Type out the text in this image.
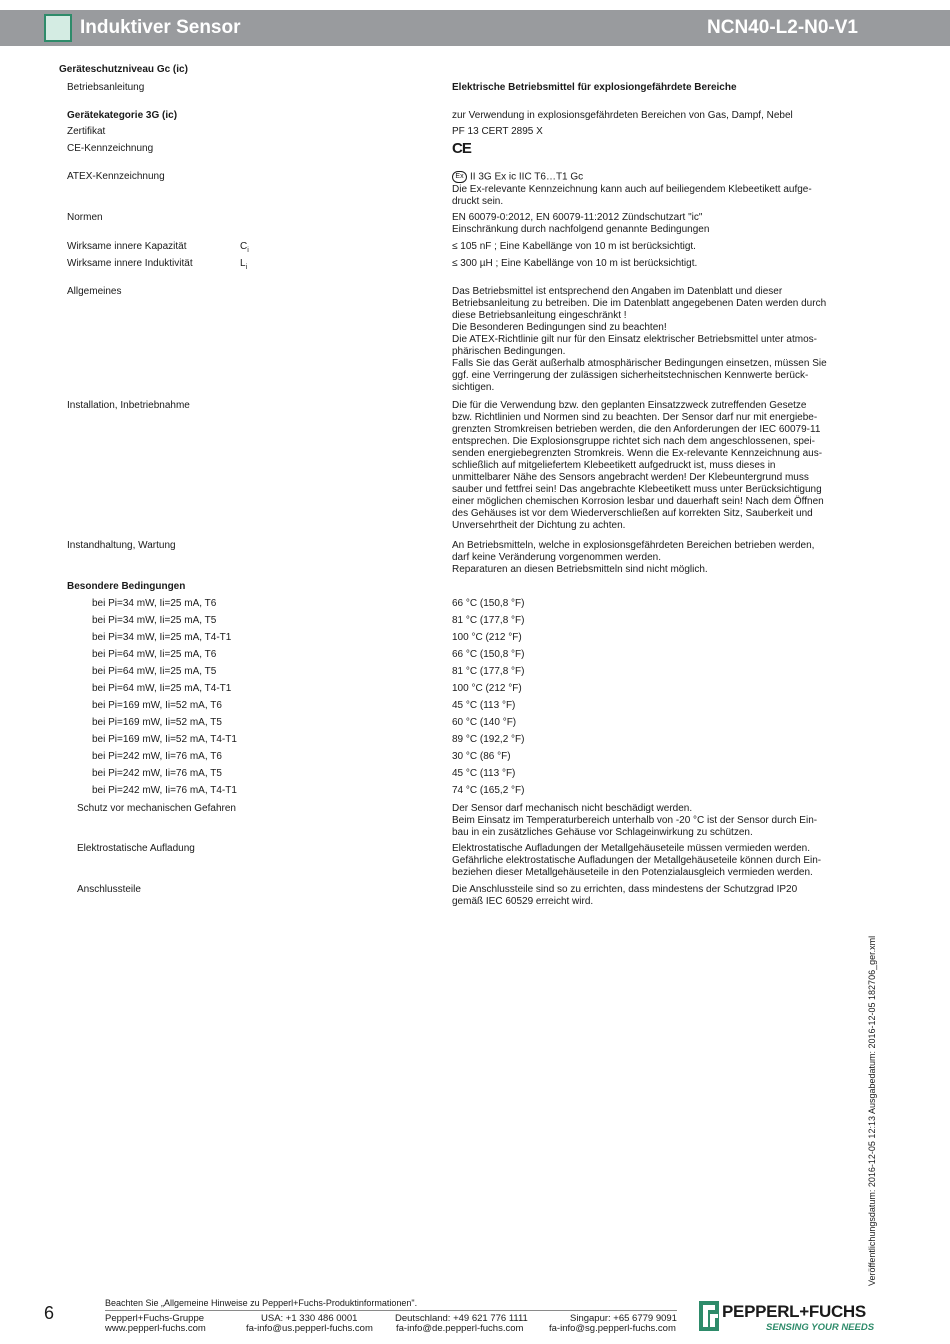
Induktiver Sensor	NCN40-L2-N0-V1
Geräteschutzniveau Gc (ic)
Betriebsanleitung	Elektrische Betriebsmittel für explosiongefährdete Bereiche
Gerätekategorie 3G (ic)	zur Verwendung in explosionsgefährdeten Bereichen von Gas, Dampf, Nebel
Zertifikat	PF 13 CERT 2895 X
CE-Kennzeichnung	CE
ATEX-Kennzeichnung	Ex II 3G Ex ic IIC T6…T1 Gc
Die Ex-relevante Kennzeichnung kann auch auf beiliegendem Klebeetikett aufge-
druckt sein.
Normen	EN 60079-0:2012, EN 60079-11:2012 Zündschutzart "ic"
Einschränkung durch nachfolgend genannte Bedingungen
Wirksame innere Kapazität	$C_i$	≤ 105 nF ; Eine Kabellänge von 10 m ist berücksichtigt.
Wirksame innere Induktivität	$L_i$	≤ 300 µH ; Eine Kabellänge von 10 m ist berücksichtigt.
Allgemeines	Das Betriebsmittel ist entsprechend den Angaben im Datenblatt und dieser
Betriebsanleitung zu betreiben. Die im Datenblatt angegebenen Daten werden durch
diese Betriebsanleitung eingeschränkt !
Die Besonderen Bedingungen sind zu beachten!
Die ATEX-Richtlinie gilt nur für den Einsatz elektrischer Betriebsmittel unter atmos-
phärischen Bedingungen.
Falls Sie das Gerät außerhalb atmosphärischer Bedingungen einsetzen, müssen Sie
ggf. eine Verringerung der zulässigen sicherheitstechnischen Kennwerte berück-
sichtigen.
Installation, Inbetriebnahme	Die für die Verwendung bzw. den geplanten Einsatzzweck zutreffenden Gesetze
bzw. Richtlinien und Normen sind zu beachten. Der Sensor darf nur mit energiebe-
grenzten Stromkreisen betrieben werden, die den Anforderungen der IEC 60079-11
entsprechen. Die Explosionsgruppe richtet sich nach dem angeschlossenen, spei-
senden energiebegrenzten Stromkreis. Wenn die Ex-relevante Kennzeichnung aus-
schließlich auf mitgeliefertem Klebeetikett aufgedruckt ist, muss dieses in
unmittelbarer Nähe des Sensors angebracht werden! Der Klebeuntergrund muss
sauber und fettfrei sein! Das angebrachte Klebeetikett muss unter Berücksichtigung
einer möglichen chemischen Korrosion lesbar und dauerhaft sein! Nach dem Öffnen
des Gehäuses ist vor dem Wiederverschließen auf korrekten Sitz, Sauberkeit und
Unversehrtheit der Dichtung zu achten.
Instandhaltung, Wartung	An Betriebsmitteln, welche in explosionsgefährdeten Bereichen betrieben werden,
darf keine Veränderung vorgenommen werden.
Reparaturen an diesen Betriebsmitteln sind nicht möglich.
Besondere Bedingungen
bei Pi=34 mW, Ii=25 mA, T6	66 °C (150,8 °F)
bei Pi=34 mW, Ii=25 mA, T5	81 °C (177,8 °F)
bei Pi=34 mW, Ii=25 mA, T4-T1	100 °C (212 °F)
bei Pi=64 mW, Ii=25 mA, T6	66 °C (150,8 °F)
bei Pi=64 mW, Ii=25 mA, T5	81 °C (177,8 °F)
bei Pi=64 mW, Ii=25 mA, T4-T1	100 °C (212 °F)
bei Pi=169 mW, Ii=52 mA, T6	45 °C (113 °F)
bei Pi=169 mW, Ii=52 mA, T5	60 °C (140 °F)
bei Pi=169 mW, Ii=52 mA, T4-T1	89 °C (192,2 °F)
bei Pi=242 mW, Ii=76 mA, T6	30 °C (86 °F)
bei Pi=242 mW, Ii=76 mA, T5	45 °C (113 °F)
bei Pi=242 mW, Ii=76 mA, T4-T1	74 °C (165,2 °F)
Schutz vor mechanischen Gefahren	Der Sensor darf mechanisch nicht beschädigt werden.
Beim Einsatz im Temperaturbereich unterhalb von -20 °C ist der Sensor durch Ein-
bau in ein zusätzliches Gehäuse vor Schlageinwirkung zu schützen.
Elektrostatische Aufladung	Elektrostatische Aufladungen der Metallgehäuseteile müssen vermieden werden.
Gefährliche elektrostatische Aufladungen der Metallgehäuseteile können durch Ein-
beziehen dieser Metallgehäuseteile in den Potenzialausgleich vermieden werden.
Anschlussteile	Die Anschlussteile sind so zu errichten, dass mindestens der Schutzgrad IP20
gemäß IEC 60529 erreicht wird.
Veröffentlichungsdatum: 2016-12-05 12:13 Ausgabedatum: 2016-12-05 182706_ger.xml
6	Beachten Sie „Allgemeine Hinweise zu Pepperl+Fuchs-Produktinformationen".
Pepperl+Fuchs-Gruppe
www.pepperl-fuchs.com
USA: +1 330 486 0001
fa-info@us.pepperl-fuchs.com
Deutschland: +49 621 776 1111
fa-info@de.pepperl-fuchs.com
Singapur: +65 6779 9091
fa-info@sg.pepperl-fuchs.com
PEPPERL+FUCHS
SENSING YOUR NEEDS
